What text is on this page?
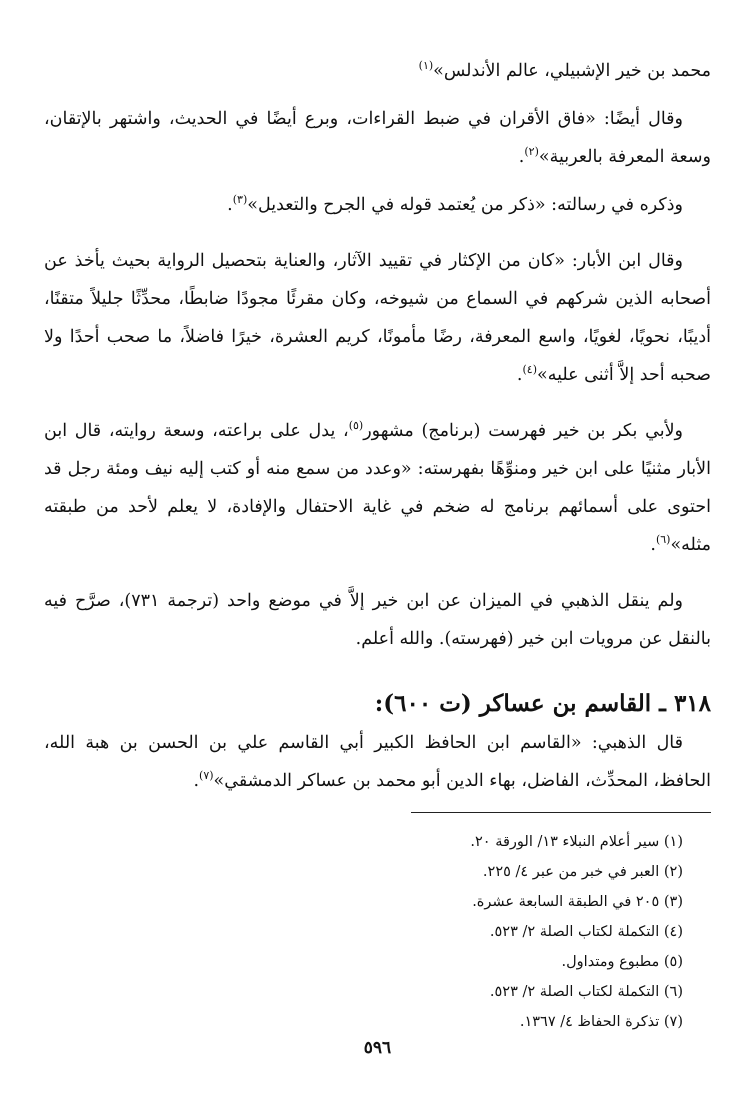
محمد بن خير الإشبيلي، عالم الأندلس»$^{(١)}$

وقال أيضًا: «فاق الأقران في ضبط القراءات، وبرع أيضًا في الحديث، واشتهر بالإتقان، وسعة المعرفة بالعربية»$^{(٢)}$.

وذكره في رسالته: «ذكر من يُعتمد قوله في الجرح والتعديل»$^{(٣)}$.

وقال ابن الأبار: «كان من الإكثار في تقييد الآثار، والعناية بتحصيل الرواية بحيث يأخذ عن أصحابه الذين شركهم في السماع من شيوخه، وكان مقرئًا مجودًا ضابطًا، محدِّثًا جليلاً متقنًا، أديبًا، نحويًا، لغويًا، واسع المعرفة، رضًا مأمونًا، كريم العشرة، خيرًا فاضلاً، ما صحب أحدًا ولا صحبه أحد إلاَّ أثنى عليه»$^{(٤)}$.

ولأبي بكر بن خير فهرست (برنامج) مشهور$^{(٥)}$، يدل على براعته، وسعة روايته، قال ابن الأبار مثنيًا على ابن خير ومنوِّهًا بفهرسته: «وعدد من سمع منه أو كتب إليه نيف ومئة رجل قد احتوى على أسمائهم برنامج له ضخم في غاية الاحتفال والإفادة، لا يعلم لأحد من طبقته مثله»$^{(٦)}$.

ولم ينقل الذهبي في الميزان عن ابن خير إلاَّ في موضع واحد (ترجمة ٧٣١)، صرَّح فيه بالنقل عن مرويات ابن خير (فهرسته). والله أعلم.

٣١٨ ـ القاسم بن عساكر (ت ٦٠٠):

قال الذهبي: «القاسم ابن الحافظ الكبير أبي القاسم علي بن الحسن بن هبة الله، الحافظ، المحدِّث، الفاضل، بهاء الدين أبو محمد بن عساكر الدمشقي»$^{(٧)}$.

(١) سير أعلام النبلاء ١٣/ الورقة ٢٠.
(٢) العبر في خبر من عبر ٤/ ٢٢٥.
(٣) ٢٠٥ في الطبقة السابعة عشرة.
(٤) التكملة لكتاب الصلة ٢/ ٥٢٣.
(٥) مطبوع ومتداول.
(٦) التكملة لكتاب الصلة ٢/ ٥٢٣.
(٧) تذكرة الحفاظ ٤/ ١٣٦٧.
٥٩٦
